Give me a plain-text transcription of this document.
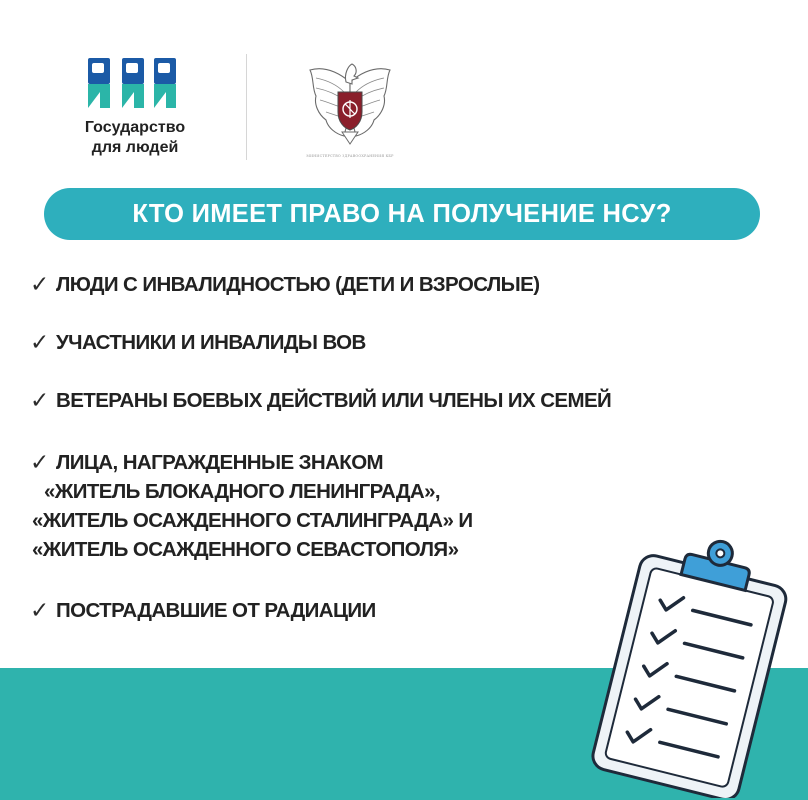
Государство
для людей	МИНИСТЕРСТВО ЗДРАВООХРАНЕНИЯ КБР
КТО ИМЕЕТ ПРАВО НА ПОЛУЧЕНИЕ НСУ?
✓ ЛЮДИ С ИНВАЛИДНОСТЬЮ (ДЕТИ И ВЗРОСЛЫЕ)
✓ УЧАСТНИКИ И ИНВАЛИДЫ ВОВ
✓ ВЕТЕРАНЫ БОЕВЫХ ДЕЙСТВИЙ ИЛИ ЧЛЕНЫ ИХ СЕМЕЙ
✓ ЛИЦА, НАГРАЖДЕННЫЕ ЗНАКОМ
«ЖИТЕЛЬ БЛОКАДНОГО ЛЕНИНГРАДА»,
«ЖИТЕЛЬ ОСАЖДЕННОГО СТАЛИНГРАДА» И
«ЖИТЕЛЬ ОСАЖДЕННОГО СЕВАСТОПОЛЯ»
✓ ПОСТРАДАВШИЕ ОТ РАДИАЦИИ
